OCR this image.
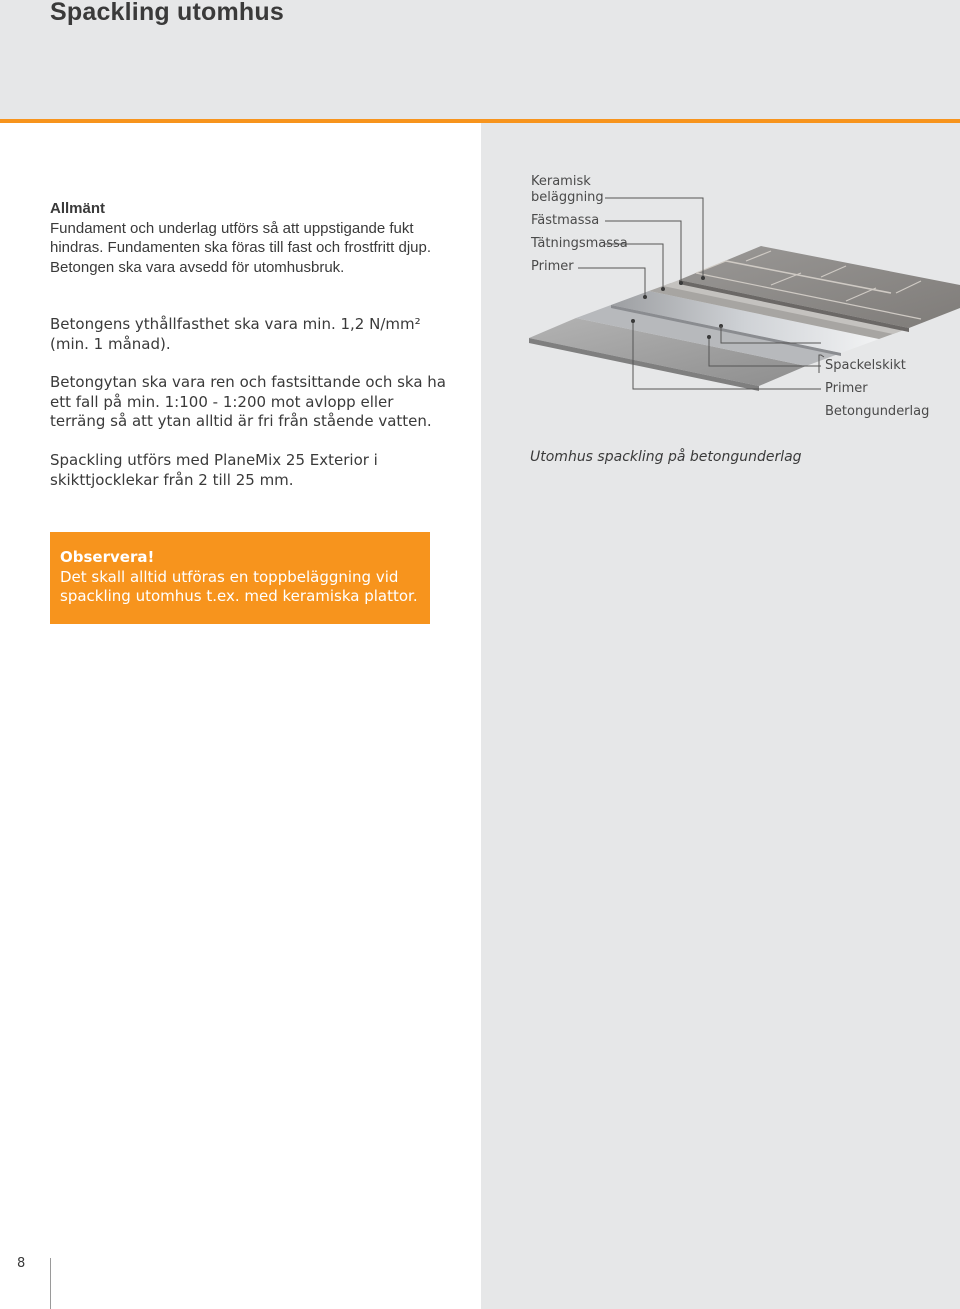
Spackling utomhus

Allmänt

Fundament och underlag utförs så att uppstigande fukt hindras. Fundamenten ska föras till fast och frostfritt djup. Betongen ska vara avsedd för utomhusbruk.

Betongens ythållfasthet ska vara min. 1,2 N/mm² (min. 1 månad).

Betongytan ska vara ren och fastsittande och ska ha ett fall på min. 1:100 - 1:200 mot avlopp eller terräng så att ytan alltid är fri från stående vatten.

Spackling utförs med PlaneMix 25 Exterior i skikttjocklekar från 2 till 25 mm.

Observera!
Det skall alltid utföras en toppbeläggning vid spackling utomhus t.ex. med keramiska plattor.
Keramisk
beläggning
Fästmassa
Tätningsmassa
Primer
Spackelskikt
Primer
Betongunderlag
Utomhus spackling på betongunderlag
8
